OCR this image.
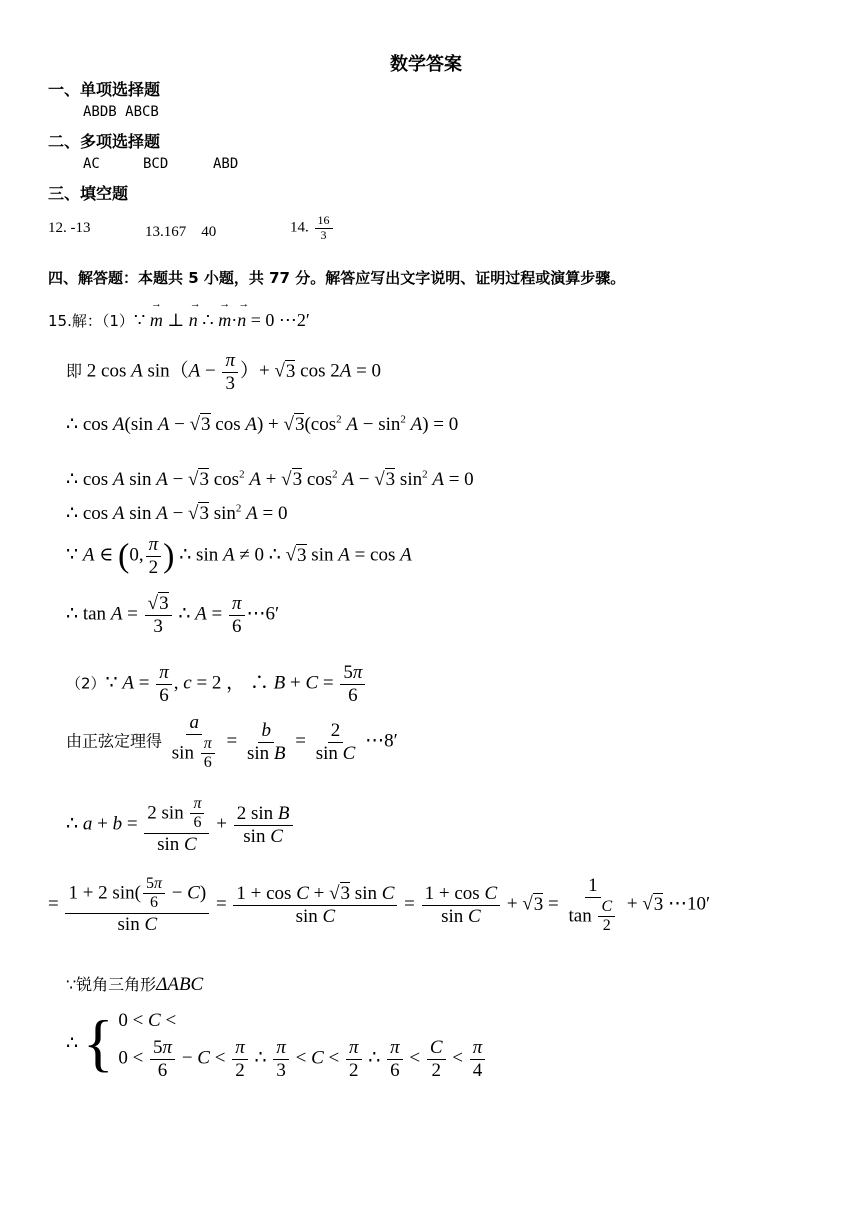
数学答案
一、单项选择题
ABDB ABCB
二、多项选择题
AC	BCD	ABD
三、填空题
12. -13	13.167　40	14. $\frac{16}{3}$
四、解答题：本题共 5 小题，共 77 分。解答应写出文字说明、证明过程或演算步骤。
15.解：（1）∵ → m ⊥ → n ∴ → m·→ n = 0 ⋯2′
即 2 cos A $\sin(A - \frac{\pi}{3}$ ）+ √3 cos 2A = 0
∴ cos A(sin A − √3 $\cos A) + √3(\cos^2$ $A - \sin^2 A) = 0$
∴ cos A sin A − √3 $\cos^2 A + √3$ $\cos^2 A - √3$ $\sin^2 A = 0$
∴ cos A sin A − √3 $\sin^2 A = 0$
∵ A ∈ (0, $\frac{\pi}{2}$ ) ∴ sin A ≠ 0 ∴ √3 sin A = cos A
∴ $\tan A = \frac{√3}{3}$ ∴ $A = \frac{\pi}{6}$ ⋯6′
（2）∵ $A = \frac{\pi}{6}$ , c = 2 ， ∴ $B + C = \frac{5\pi}{6}$
由正弦定理得 $\frac{a}{\sin \frac{\pi}{6}} = \frac{b}{\text{sin B}} = \frac{2}{\text{sin C}}$ ⋯8′
∴ $a + b = \frac{2 \sin \frac{\pi}{6}}{\text{sin C}} + \frac{\text{2 sin B}}{\text{sin C}}$
= $\frac{1 + 2 \sin( \frac{5\pi}{6} - C)}{\text{sin C}} = \frac{\text{1 + cos C + √3 sin C}}{\text{sin C}} = \frac{\text{1 + cos C}}{\text{sin C}} + √3 = \frac{1}{\tan \frac{C}{2}} + √3$ ⋯10′
∵锐角三角形ΔABC
∴ { 0 < C <
$0 < \frac{5\pi}{6} - C < \frac{\pi}{2}$ ∴ $\frac{\pi}{3} < C < \frac{\pi}{2}$ ∴ $\frac{\pi}{6} < \frac{C}{2} < \frac{\pi}{4}$
